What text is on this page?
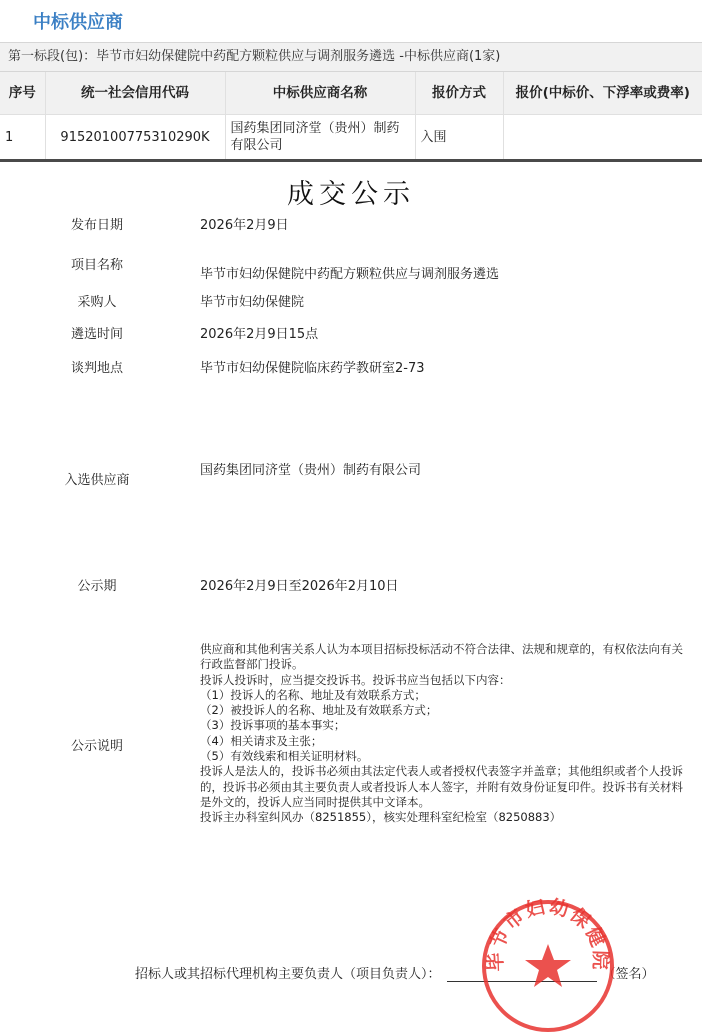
中标供应商
第一标段(包)：毕节市妇幼保健院中药配方颗粒供应与调剂服务遴选 -中标供应商(1家)
序号	统一社会信用代码	中标供应商名称	报价方式	报价(中标价、下浮率或费率)
1	91520100775310290K	国药集团同济堂（贵州）制药有限公司	入围	
成交公示
发布日期	2026年2月9日
项目名称
毕节市妇幼保健院中药配方颗粒供应与调剂服务遴选
采购人	毕节市妇幼保健院
遴选时间	2026年2月9日15点
谈判地点	毕节市妇幼保健院临床药学教研室2-73
入选供应商
国药集团同济堂（贵州）制药有限公司
公示期	2026年2月9日至2026年2月10日
公示说明

供应商和其他利害关系人认为本项目招标投标活动不符合法律、法规和规章的，有权依法向有关行政监督部门投诉。

投诉人投诉时，应当提交投诉书。投诉书应当包括以下内容：

（1）投诉人的名称、地址及有效联系方式；

（2）被投诉人的名称、地址及有效联系方式；

（3）投诉事项的基本事实；

（4）相关请求及主张；

（5）有效线索和相关证明材料。

投诉人是法人的，投诉书必须由其法定代表人或者授权代表签字并盖章；其他组织或者个人投诉的，投诉书必须由其主要负责人或者投诉人本人签字，并附有效身份证复印件。投诉书有关材料是外文的，投诉人应当同时提供其中文译本。

投诉主办科室纠风办（8251855），核实处理科室纪检室（8250883）

招标人或其招标代理机构主要负责人（项目负责人）：	（签名）
毕节市妇幼保健院
